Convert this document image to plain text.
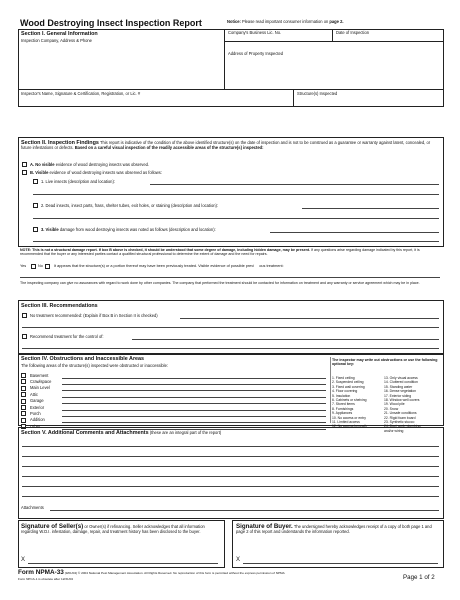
Wood Destroying Insect Inspection Report	Notice: Please read important consumer information on page 2.
Section I. General Information
Inspection Company, Address & Phone
Company's Business Lic. No.	Date of Inspection
Address of Property Inspected
Inspector's Name, Signature & Certification, Registration, or Lic. #	Structure(s) Inspected
Section II. Inspection Findings This report is indicative of the condition of the above identified structure(s) on the date of inspection and is not to be construed as a guarantee or warranty against latent, concealed, or future infestations or defects. Based on a careful visual inspection of the readily accessible areas of the structure(s) inspected:
A. No visible evidence of wood destroying insects was observed.
B. Visible evidence of wood destroying insects was observed as follows:
1. Live insects (description and location):
2. Dead insects, insect parts, frass, shelter tubes, exit holes, or staining (description and location):
3. Visible damage from wood destroying insects was noted as follows (description and location):
NOTE: This is not a structural damage report. If box B above is checked, it should be understood that some degree of damage, including hidden damage, may be present. If any questions arise regarding damage indicated by this report, it is recommended that the buyer or any interested parties contact a qualified structural professional to determine the extent of damage and the need for repairs.
Yes	No	It appears that the structure(s) or a portion thereof may have been previously treated. Visible evidence of possible previ ous treatment:
The inspecting company can give no assurances with regard to work done by other companies. The company that performed the treatment should be contacted for information on treatment and any warranty or service agreement which may be in place.
Section III. Recommendations
No treatment recommended: (Explain if Box B in Section II is checked)
Recommend treatment for the control of:
Section IV. Obstructions and Inaccessible Areas
The following areas of the structure(s) inspected were obstructed or inaccessible:
Basement
Crawlspace
Main Level
Attic
Garage
Exterior
Porch
Addition
Other
The inspector may write out obstructions or use the following optional key:
1. Fixed ceiling
2. Suspended ceiling
3. Fixed wall covering
4. Floor covering
5. Insulation
6. Cabinets or shelving
7. Stored items
8. Furnishings
9. Appliances
10. No access or entry
11. Limited access
12. No access beneath
13. Only visual access
14. Cluttered condition
15. Standing water
16. Dense vegetation
17. Exterior siding
18. Window well covers
19. Wood pile
20. Snow
21. Unsafe conditions
22. Rigid foam board
23. Synthetic stucco
24. Duct work, plumbing,
and/or wiring
Section V. Additional Comments and Attachments (these are an integral part of the report)
Attachments
Signature of Seller(s) or Owner(s) if refinancing. Seller acknowledges that all information regarding W.D.I. infestation, damage, repair, and treatment history has been disclosed to the buyer.
Signature of Buyer. The undersigned hereby acknowledges receipt of a copy of both page 1 and page 2 of this report and understands the information reported.
X	X
Form NPMA-33 (9/01/04) © 2004 National Pest Management Association. All Rights Reserved. No reproduction of this form is permitted without the express permission of NPMA
Form NPCA-1 is obsolete after 12/31/04	Page 1 of 2
